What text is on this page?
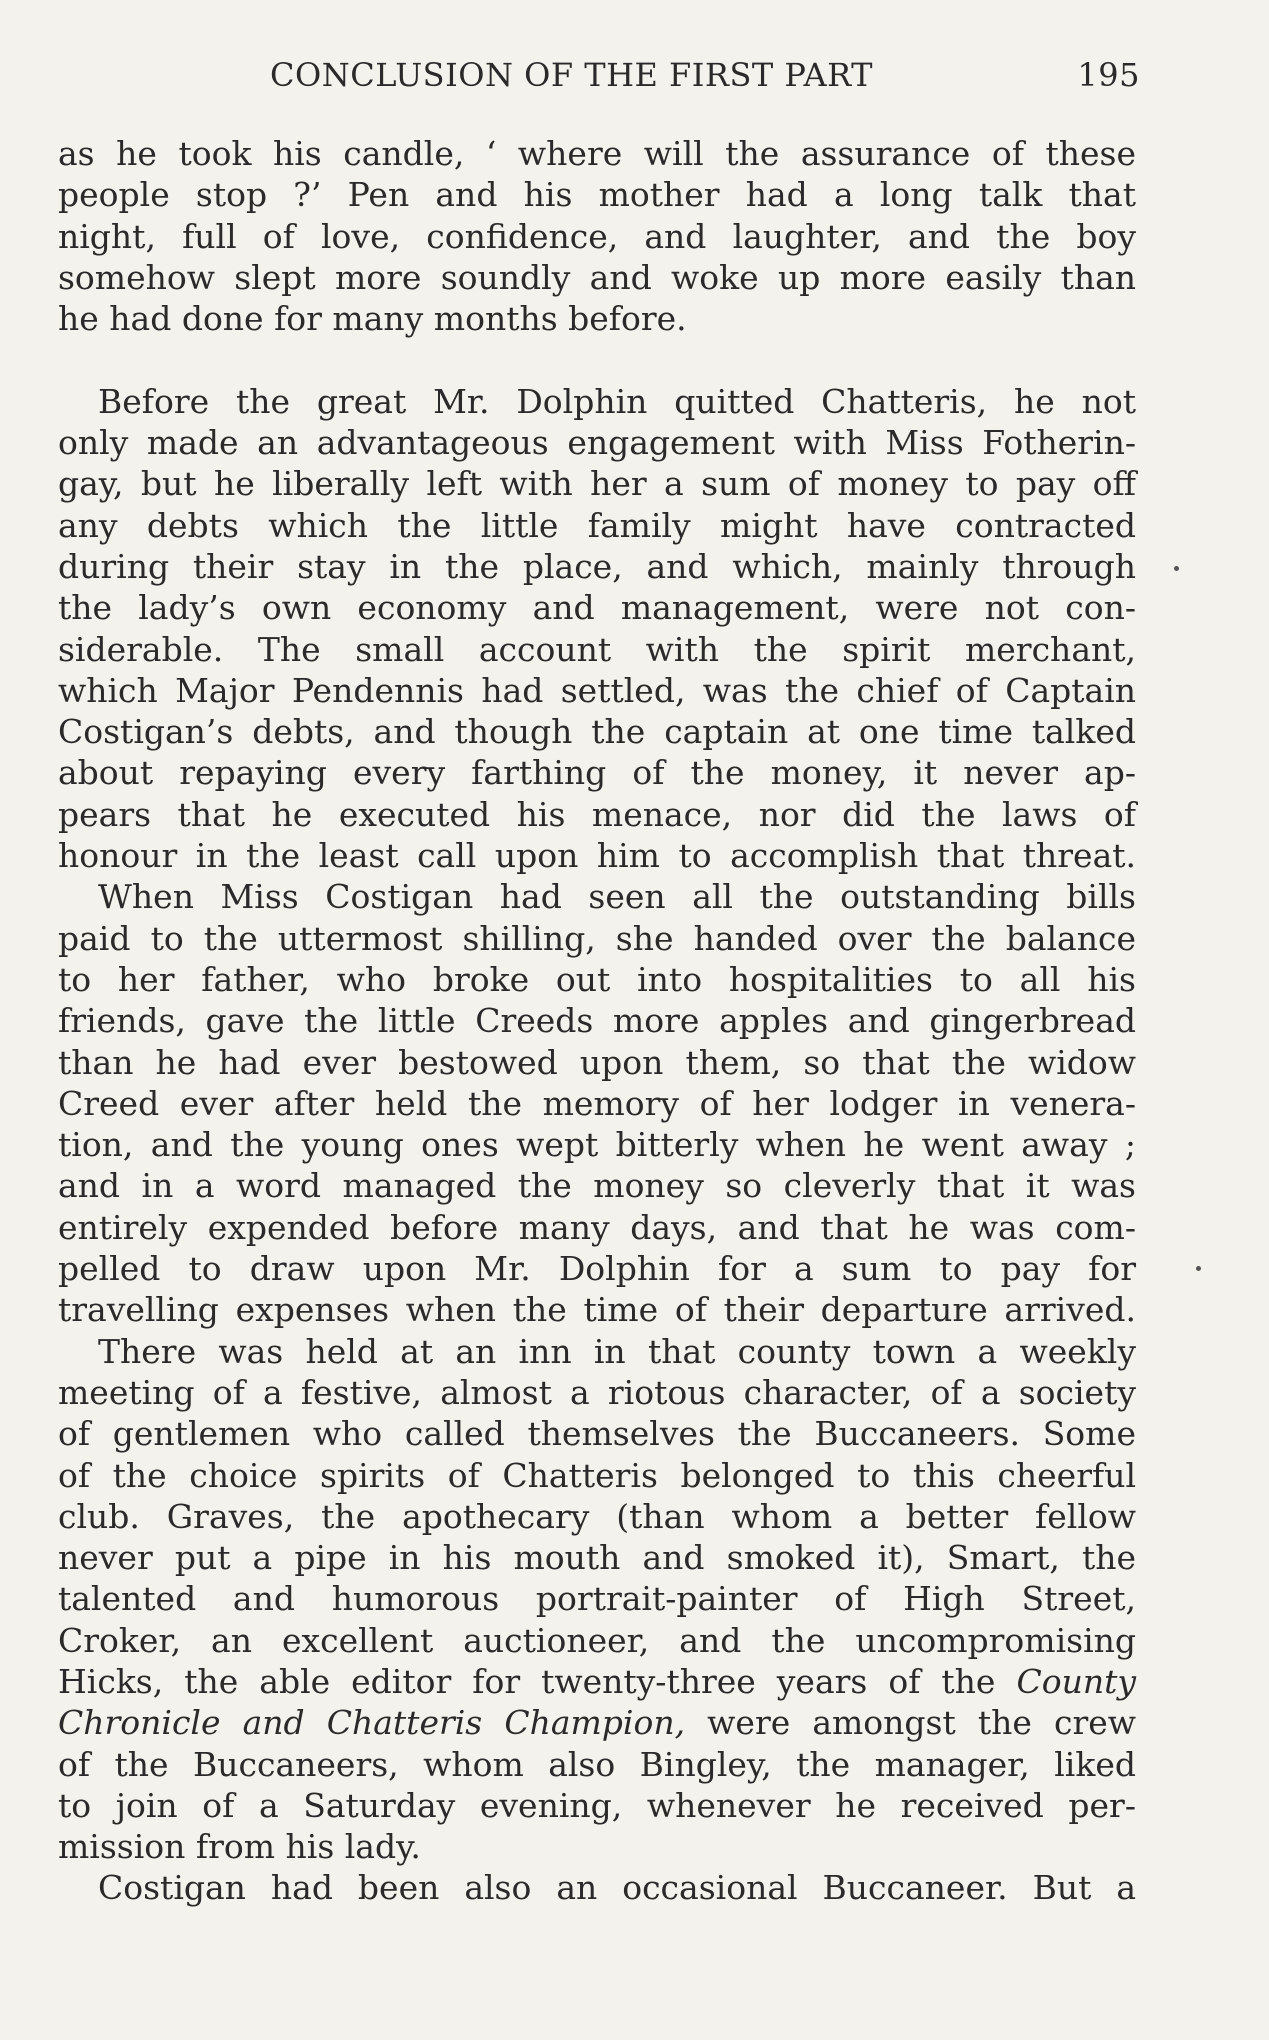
CONCLUSION OF THE FIRST PART	195
as he took his candle, ‘ where will the assurance of these
people stop ?’ Pen and his mother had a long talk that
night, full of love, confidence, and laughter, and the boy
somehow slept more soundly and woke up more easily than
he had done for many months before.
Before the great Mr. Dolphin quitted Chatteris, he not
only made an advantageous engagement with Miss Fotherin-
gay, but he liberally left with her a sum of money to pay off
any debts which the little family might have contracted
during their stay in the place, and which, mainly through
the lady’s own economy and management, were not con-
siderable. The small account with the spirit merchant,
which Major Pendennis had settled, was the chief of Captain
Costigan’s debts, and though the captain at one time talked
about repaying every farthing of the money, it never ap-
pears that he executed his menace, nor did the laws of
honour in the least call upon him to accomplish that threat.
When Miss Costigan had seen all the outstanding bills
paid to the uttermost shilling, she handed over the balance
to her father, who broke out into hospitalities to all his
friends, gave the little Creeds more apples and gingerbread
than he had ever bestowed upon them, so that the widow
Creed ever after held the memory of her lodger in venera-
tion, and the young ones wept bitterly when he went away ;
and in a word managed the money so cleverly that it was
entirely expended before many days, and that he was com-
pelled to draw upon Mr. Dolphin for a sum to pay for
travelling expenses when the time of their departure arrived.
There was held at an inn in that county town a weekly
meeting of a festive, almost a riotous character, of a society
of gentlemen who called themselves the Buccaneers. Some
of the choice spirits of Chatteris belonged to this cheerful
club. Graves, the apothecary (than whom a better fellow
never put a pipe in his mouth and smoked it), Smart, the
talented and humorous portrait-painter of High Street,
Croker, an excellent auctioneer, and the uncompromising
Hicks, the able editor for twenty-three years of the County
Chronicle and Chatteris Champion, were amongst the crew
of the Buccaneers, whom also Bingley, the manager, liked
to join of a Saturday evening, whenever he received per-
mission from his lady.
Costigan had been also an occasional Buccaneer. But a
